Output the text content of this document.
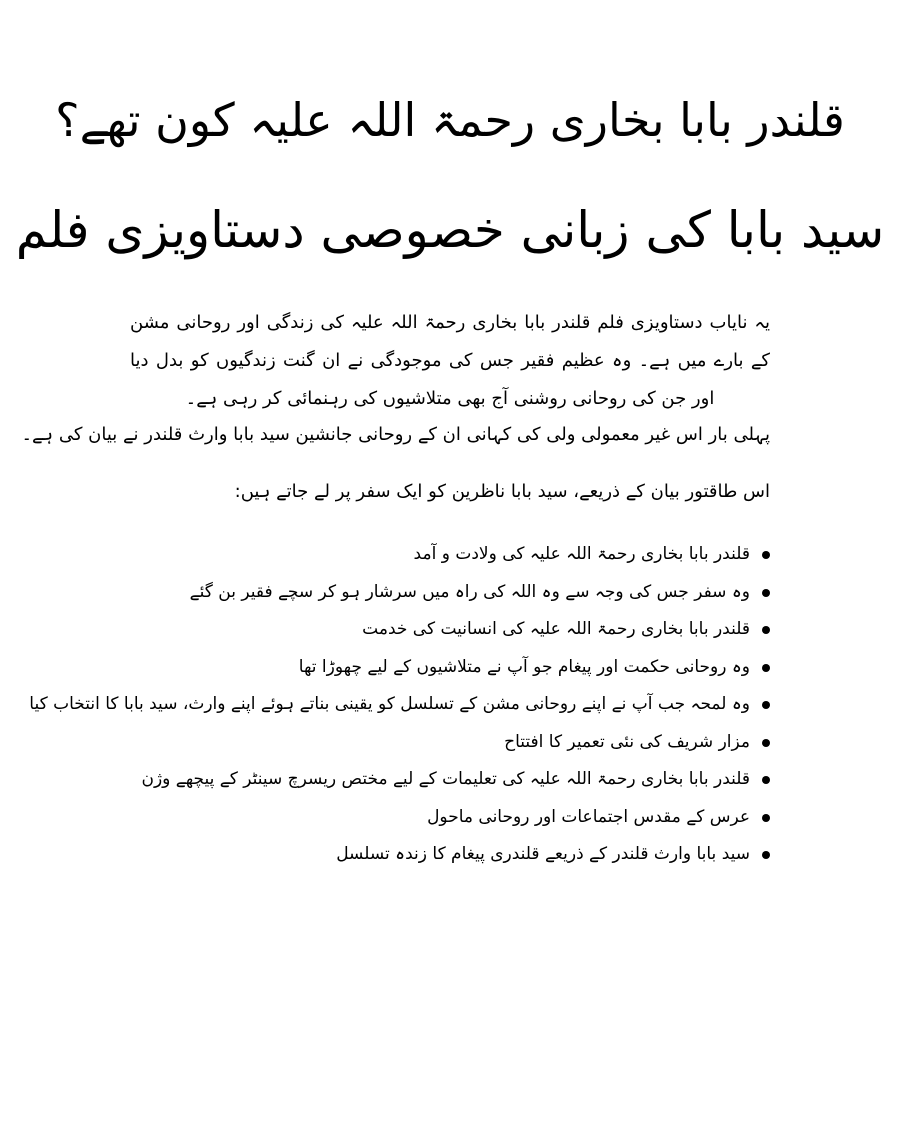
قلندر بابا بخاری رحمۃ اللہ علیہ کون تھے؟
سید بابا کی زبانی خصوصی دستاویزی فلم

یہ نایاب دستاویزی فلم قلندر بابا بخاری رحمۃ اللہ علیہ کی زندگی اور روحانی مشن کے بارے میں ہے۔ وہ عظیم فقیر جس کی موجودگی نے ان گنت زندگیوں کو بدل دیا اور جن کی روحانی روشنی آج بھی متلاشیوں کی رہنمائی کر رہی ہے۔

پہلی بار اس غیر معمولی ولی کی کہانی ان کے روحانی جانشین سید بابا وارث قلندر نے بیان کی ہے۔

اس طاقتور بیان کے ذریعے، سید بابا ناظرین کو ایک سفر پر لے جاتے ہیں:

قلندر بابا بخاری رحمۃ اللہ علیہ کی ولادت و آمد
وہ سفر جس کی وجہ سے وہ اللہ کی راہ میں سرشار ہو کر سچے فقیر بن گئے
قلندر بابا بخاری رحمۃ اللہ علیہ کی انسانیت کی خدمت
وہ روحانی حکمت اور پیغام جو آپ نے متلاشیوں کے لیے چھوڑا تھا
وہ لمحہ جب آپ نے اپنے روحانی مشن کے تسلسل کو یقینی بناتے ہوئے اپنے وارث، سید بابا کا انتخاب کیا
مزار شریف کی نئی تعمیر کا افتتاح
قلندر بابا بخاری رحمۃ اللہ علیہ کی تعلیمات کے لیے مختص ریسرچ سینٹر کے پیچھے وژن
عرس کے مقدس اجتماعات اور روحانی ماحول
سید بابا وارث قلندر کے ذریعے قلندری پیغام کا زندہ تسلسل
